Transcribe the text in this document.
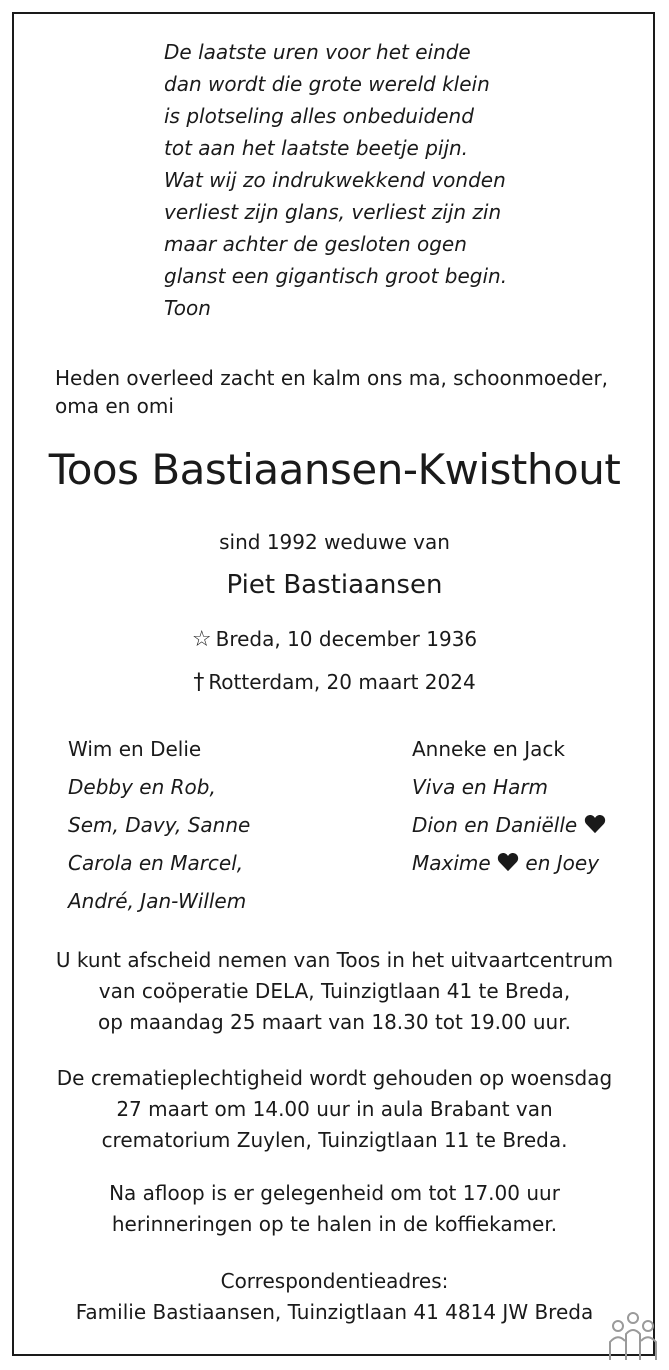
De laatste uren voor het einde
dan wordt die grote wereld klein
is plotseling alles onbeduidend
tot aan het laatste beetje pijn.
Wat wij zo indrukwekkend vonden
verliest zijn glans, verliest zijn zin
maar achter de gesloten ogen
glanst een gigantisch groot begin.
Toon
Heden overleed zacht en kalm ons ma, schoonmoeder,
oma en omi
Toos Bastiaansen-Kwisthout
sind 1992 weduwe van
Piet Bastiaansen
☆ Breda, 10 december 1936
† Rotterdam, 20 maart 2024
Wim en Delie
Debby en Rob,
Sem, Davy, Sanne
Carola en Marcel,
André, Jan-Willem
Anneke en Jack
Viva en Harm
Dion en Daniëlle
Maxime en Joey
U kunt afscheid nemen van Toos in het uitvaartcentrum
van coöperatie DELA, Tuinzigtlaan 41 te Breda,
op maandag 25 maart van 18.30 tot 19.00 uur.
De crematieplechtigheid wordt gehouden op woensdag
27 maart om 14.00 uur in aula Brabant van
crematorium Zuylen, Tuinzigtlaan 11 te Breda.
Na afloop is er gelegenheid om tot 17.00 uur
herinneringen op te halen in de koffiekamer.
Correspondentieadres:
Familie Bastiaansen, Tuinzigtlaan 41 4814 JW Breda
